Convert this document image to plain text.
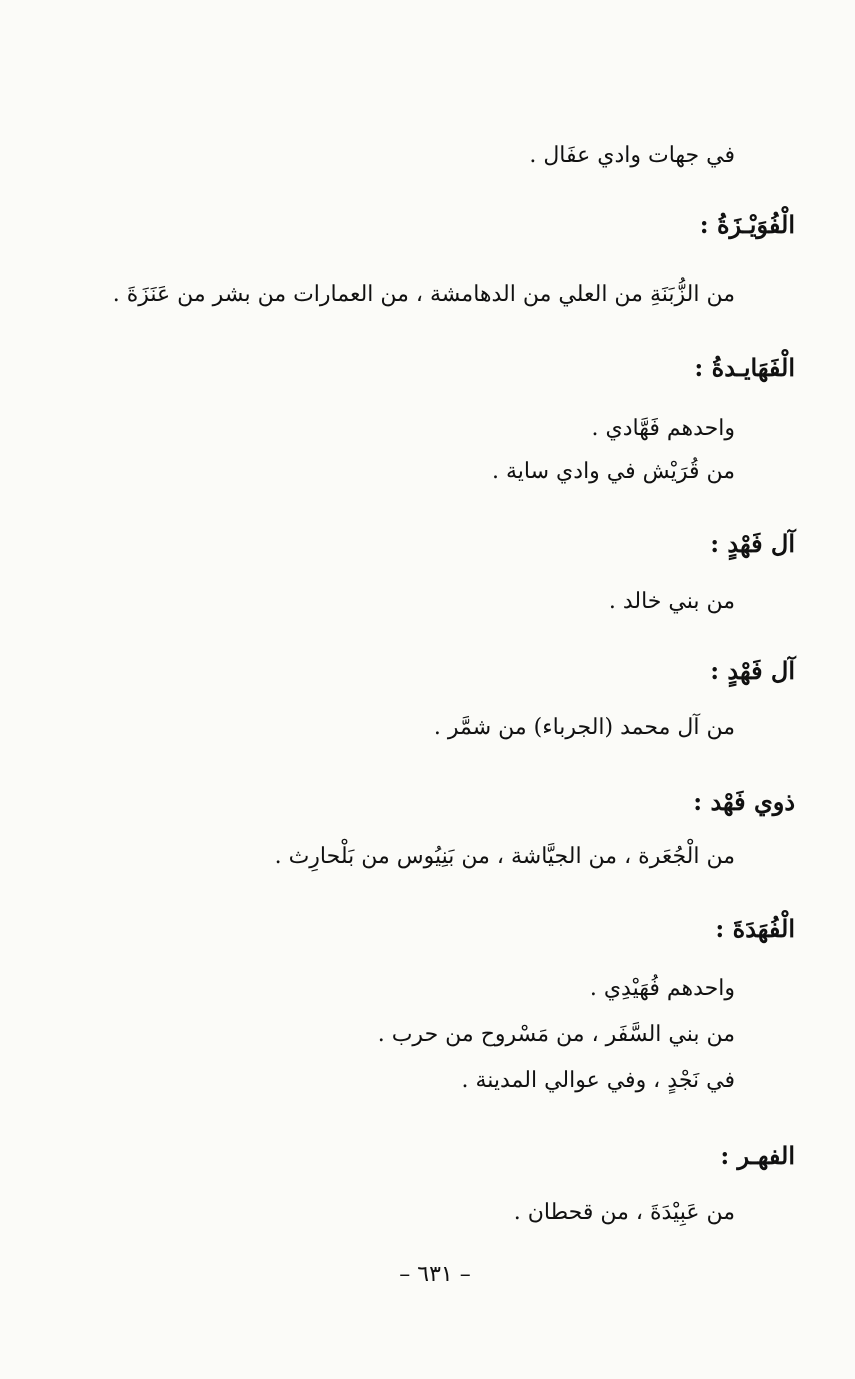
في جهات وادي عفَال .
الْفُوَيْـزَةُ :
من الزُّبَنَةِ من العلي من الدهامشة ، من العمارات من بشر من عَنَزَةَ .
الْفَهَايـدةُ :
واحدهم فَهَّادي .
من قُرَيْش في وادي ساية .
آل فَهْدٍ :
من بني خالد .
آل فَهْدٍ :
من آل محمد (الجرباء) من شمَّر .
ذوي فَهْد :
من الْجُعَرة ، من الجيَّاشة ، من بَنِيُوس من بَلْحارِث .
الْفُهَدَةَ :
واحدهم فُهَيْدِي .
من بني السَّفَر ، من مَسْروح من حرب .
في نَجْدٍ ، وفي عوالي المدينة .
الفهـر :
من عَبِيْدَةَ ، من قحطان .
– ٦٣١ –
